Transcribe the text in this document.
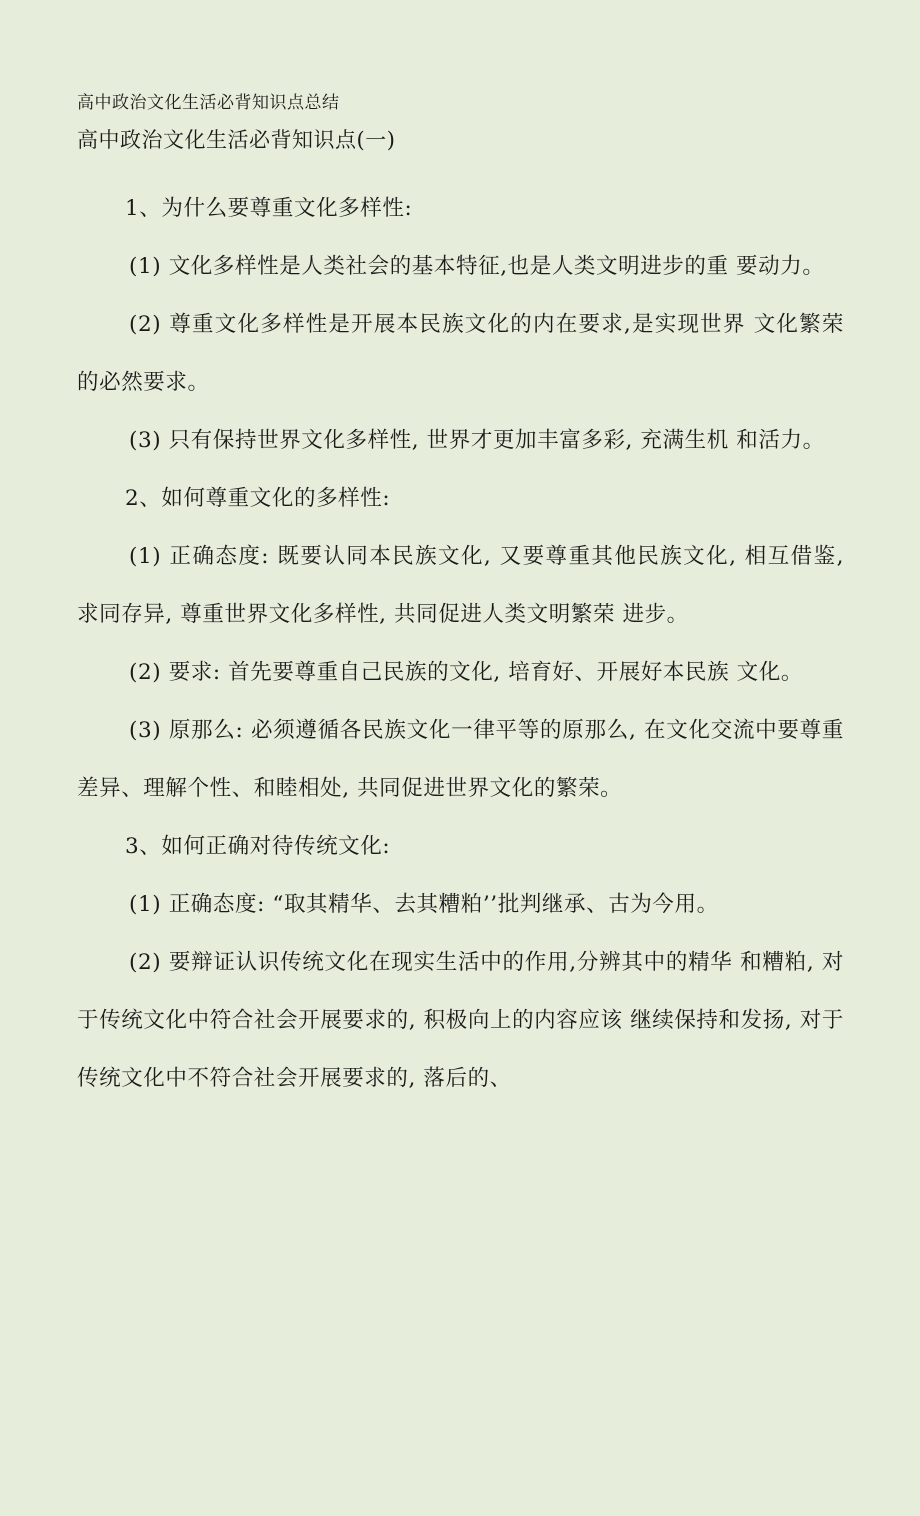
高中政治文化生活必背知识点总结
高中政治文化生活必背知识点(一)

1、为什么要尊重文化多样性:

(1) 文化多样性是人类社会的基本特征,也是人类文明进步的重 要动力。

(2) 尊重文化多样性是开展本民族文化的内在要求,是实现世界 文化繁荣的必然要求。

(3) 只有保持世界文化多样性, 世界才更加丰富多彩, 充满生机 和活力。

2、如何尊重文化的多样性:

(1) 正确态度: 既要认同本民族文化, 又要尊重其他民族文化, 相互借鉴, 求同存异, 尊重世界文化多样性, 共同促进人类文明繁荣 进步。

(2) 要求: 首先要尊重自己民族的文化, 培育好、开展好本民族 文化。

(3) 原那么: 必须遵循各民族文化一律平等的原那么, 在文化交流中要尊重差异、理解个性、和睦相处, 共同促进世界文化的繁荣。

3、如何正确对待传统文化:

(1) 正确态度: “取其精华、去其糟粕’’批判继承、古为今用。

(2) 要辩证认识传统文化在现实生活中的作用,分辨其中的精华 和糟粕, 对于传统文化中符合社会开展要求的, 积极向上的内容应该 继续保持和发扬, 对于传统文化中不符合社会开展要求的, 落后的、
